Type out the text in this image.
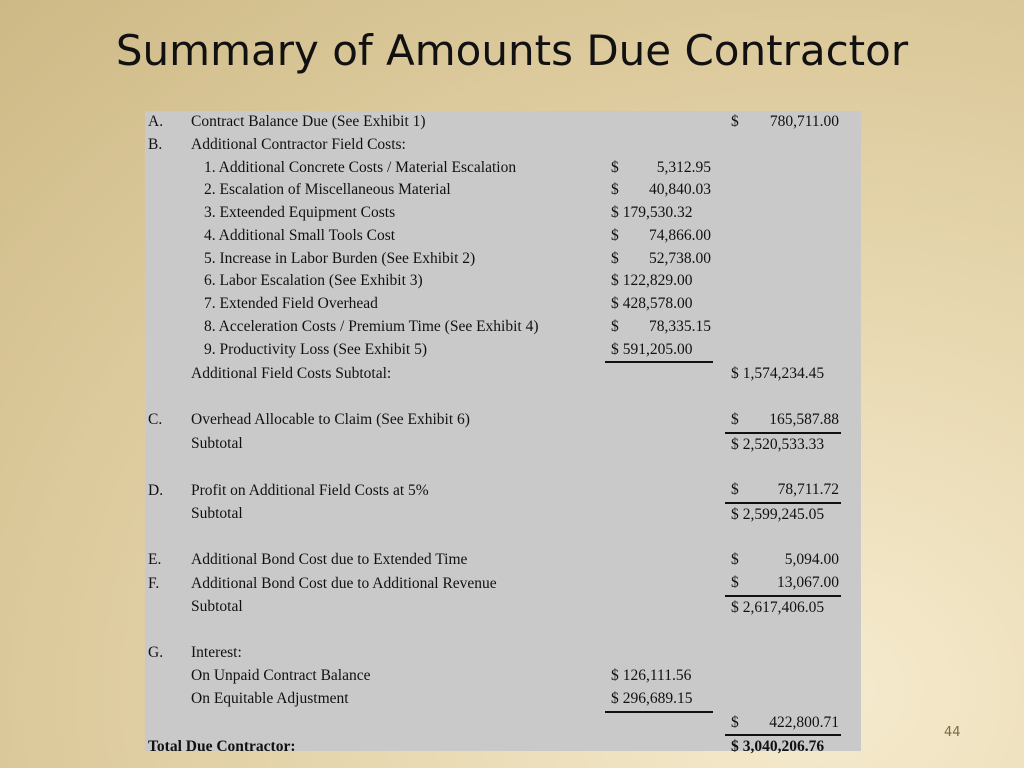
Summary of Amounts Due Contractor
A.	Contract Balance Due (See Exhibit 1)				$ 780,711.00

B.	Additional Contractor Field Costs:				
	1. Additional Concrete Costs / Material Escalation		$ 5,312.95		

	2. Escalation of Miscellaneous Material		$ 40,840.03		

	3. Exteended Equipment Costs		$ 179,530.32		

	4. Additional Small Tools Cost		$ 74,866.00		

	5. Increase in Labor Burden (See Exhibit 2)		$ 52,738.00		

	6. Labor Escalation (See Exhibit 3)		$ 122,829.00		

	7. Extended Field Overhead		$ 428,578.00		

	8. Acceleration Costs / Premium Time (See Exhibit 4)		$ 78,335.15		

	9. Productivity Loss (See Exhibit 5)		$ 591,205.00		

	Additional Field Costs Subtotal:				$ 1,574,234.45

C.	Overhead Allocable to Claim (See Exhibit 6)				$ 165,587.88

	Subtotal				$ 2,520,533.33

D.	Profit on Additional Field Costs at 5%				$ 78,711.72

	Subtotal				$ 2,599,245.05

E.	Additional Bond Cost due to Extended Time				$ 5,094.00

F.	Additional Bond Cost due to Additional Revenue				$ 13,067.00

	Subtotal				$ 2,617,406.05

G.	Interest:				
	On Unpaid Contract Balance		$ 126,111.56		

	On Equitable Adjustment		$ 296,689.15		

					$ 422,800.71

Total Due Contractor:					$ 3,040,206.76
44
